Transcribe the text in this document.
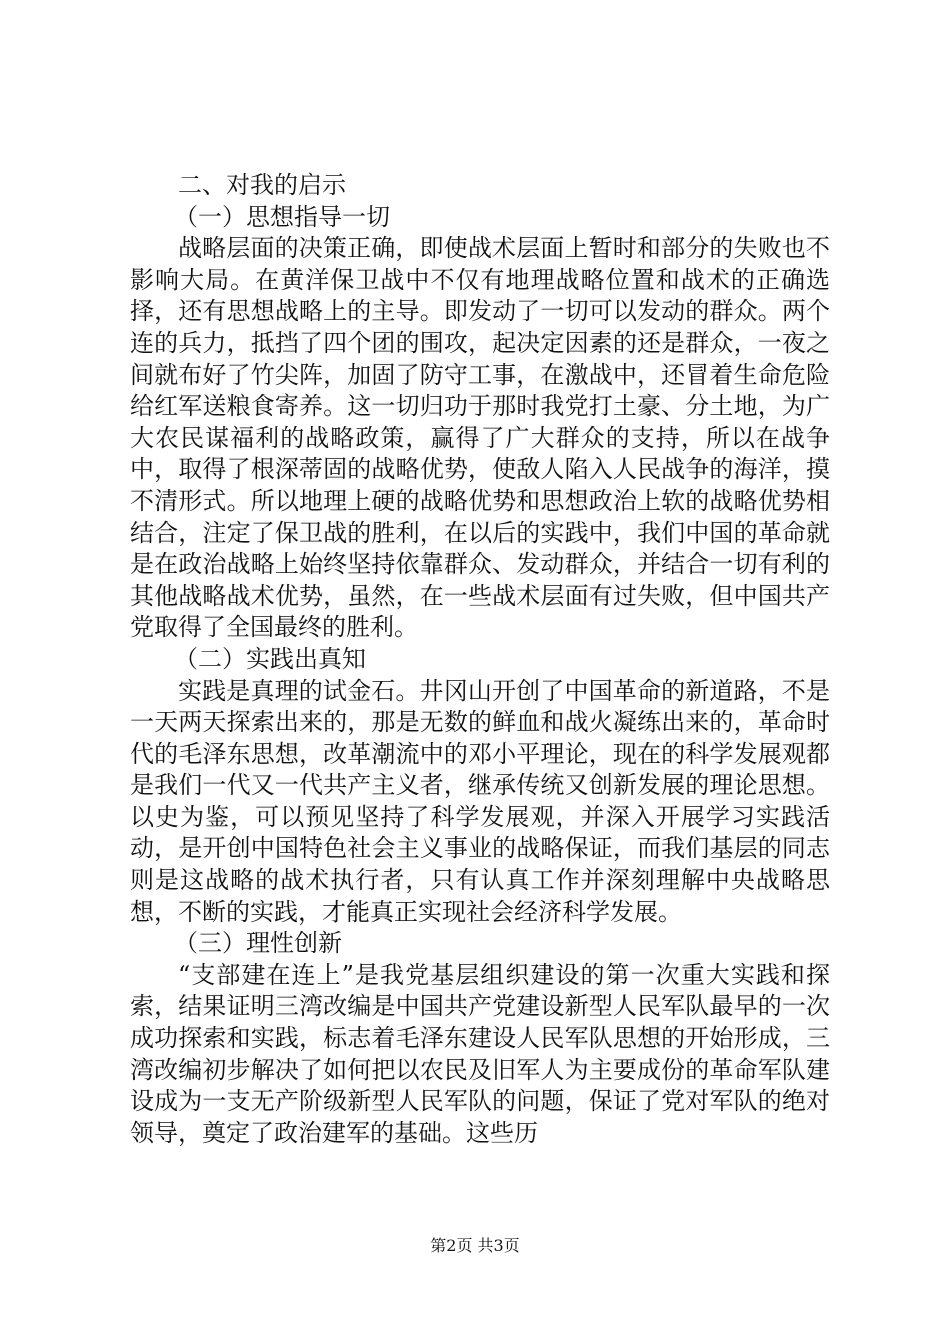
二、对我的启示

（一）思想指导一切

战略层面的决策正确，即使战术层面上暂时和部分的失败也不影响大局。在黄洋保卫战中不仅有地理战略位置和战术的正确选择，还有思想战略上的主导。即发动了一切可以发动的群众。两个连的兵力，抵挡了四个团的围攻，起决定因素的还是群众，一夜之间就布好了竹尖阵，加固了防守工事，在激战中，还冒着生命危险给红军送粮食寄养。这一切归功于那时我党打土豪、分土地，为广大农民谋福利的战略政策，赢得了广大群众的支持，所以在战争中，取得了根深蒂固的战略优势，使敌人陷入人民战争的海洋，摸不清形式。所以地理上硬的战略优势和思想政治上软的战略优势相结合，注定了保卫战的胜利，在以后的实践中，我们中国的革命就是在政治战略上始终坚持依靠群众、发动群众，并结合一切有利的其他战略战术优势，虽然，在一些战术层面有过失败，但中国共产党取得了全国最终的胜利。

（二）实践出真知

实践是真理的试金石。井冈山开创了中国革命的新道路，不是一天两天探索出来的，那是无数的鲜血和战火凝练出来的，革命时代的毛泽东思想，改革潮流中的邓小平理论，现在的科学发展观都是我们一代又一代共产主义者，继承传统又创新发展的理论思想。以史为鉴，可以预见坚持了科学发展观，并深入开展学习实践活动，是开创中国特色社会主义事业的战略保证，而我们基层的同志则是这战略的战术执行者，只有认真工作并深刻理解中央战略思想，不断的实践，才能真正实现社会经济科学发展。

（三）理性创新

“支部建在连上”是我党基层组织建设的第一次重大实践和探索，结果证明三湾改编是中国共产党建设新型人民军队最早的一次成功探索和实践，标志着毛泽东建设人民军队思想的开始形成，三湾改编初步解决了如何把以农民及旧军人为主要成份的革命军队建设成为一支无产阶级新型人民军队的问题，保证了党对军队的绝对领导，奠定了政治建军的基础。这些历

第2页 共3页
